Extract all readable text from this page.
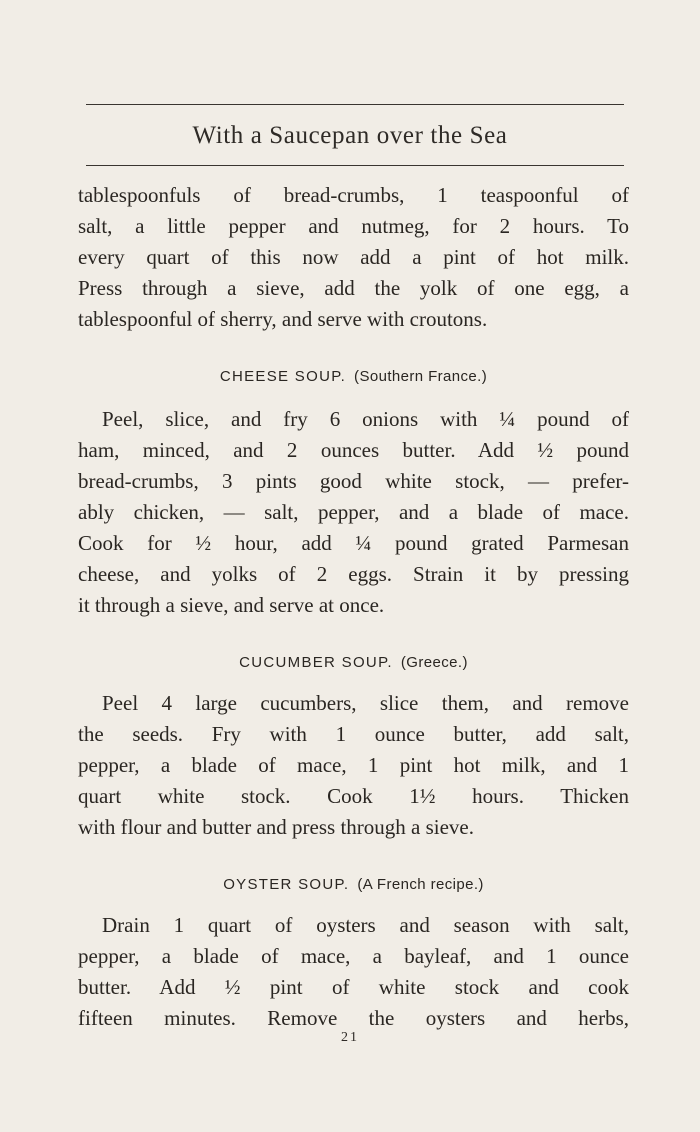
With a Saucepan over the Sea

tablespoonfuls of bread-crumbs, 1 teaspoonful of
salt, a little pepper and nutmeg, for 2 hours. To
every quart of this now add a pint of hot milk.
Press through a sieve, add the yolk of one egg, a
tablespoonful of sherry, and serve with croutons.

CHEESE SOUP. (Southern France.)

Peel, slice, and fry 6 onions with ¼ pound of
ham, minced, and 2 ounces butter. Add ½ pound
bread-crumbs, 3 pints good white stock, — prefer-
ably chicken, — salt, pepper, and a blade of mace.
Cook for ½ hour, add ¼ pound grated Parmesan
cheese, and yolks of 2 eggs. Strain it by pressing
it through a sieve, and serve at once.

CUCUMBER SOUP. (Greece.)

Peel 4 large cucumbers, slice them, and remove
the seeds. Fry with 1 ounce butter, add salt,
pepper, a blade of mace, 1 pint hot milk, and 1
quart white stock. Cook 1½ hours. Thicken
with flour and butter and press through a sieve.

OYSTER SOUP. (A French recipe.)

Drain 1 quart of oysters and season with salt,
pepper, a blade of mace, a bayleaf, and 1 ounce
butter. Add ½ pint of white stock and cook
fifteen minutes. Remove the oysters and herbs,

21
